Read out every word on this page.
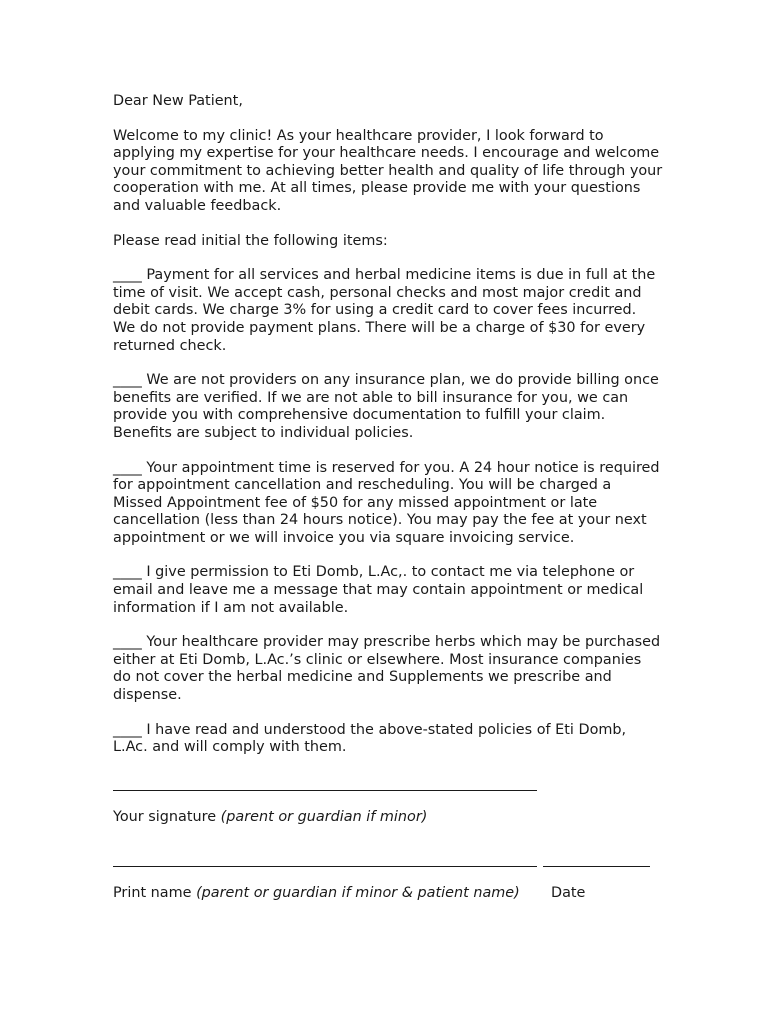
Dear New Patient,

Welcome to my clinic! As your healthcare provider, I look forward to applying my expertise for your healthcare needs. I encourage and welcome your commitment to achieving better health and quality of life through your cooperation with me. At all times, please provide me with your questions and valuable feedback.

Please read initial the following items:

____ Payment for all services and herbal medicine items is due in full at the time of visit. We accept cash, personal checks and most major credit and debit cards. We charge 3% for using a credit card to cover fees incurred. We do not provide payment plans. There will be a charge of $30 for every returned check.

____ We are not providers on any insurance plan, we do provide billing once benefits are verified. If we are not able to bill insurance for you, we can provide you with comprehensive documentation to fulfill your claim. Benefits are subject to individual policies.

____ Your appointment time is reserved for you. A 24 hour notice is required for appointment cancellation and rescheduling. You will be charged a Missed Appointment fee of $50 for any missed appointment or late cancellation (less than 24 hours notice). You may pay the fee at your next appointment or we will invoice you via square invoicing service.

____ I give permission to Eti Domb, L.Ac,. to contact me via telephone or email and leave me a message that may contain appointment or medical information if I am not available.

____ Your healthcare provider may prescribe herbs which may be purchased either at Eti Domb, L.Ac.’s clinic or elsewhere. Most insurance companies do not cover the herbal medicine and Supplements we prescribe and dispense.

____ I have read and understood the above-stated policies of Eti Domb, L.Ac. and will comply with them.

Your signature (parent or guardian if minor)

Print name (parent or guardian if minor & patient name)	Date
